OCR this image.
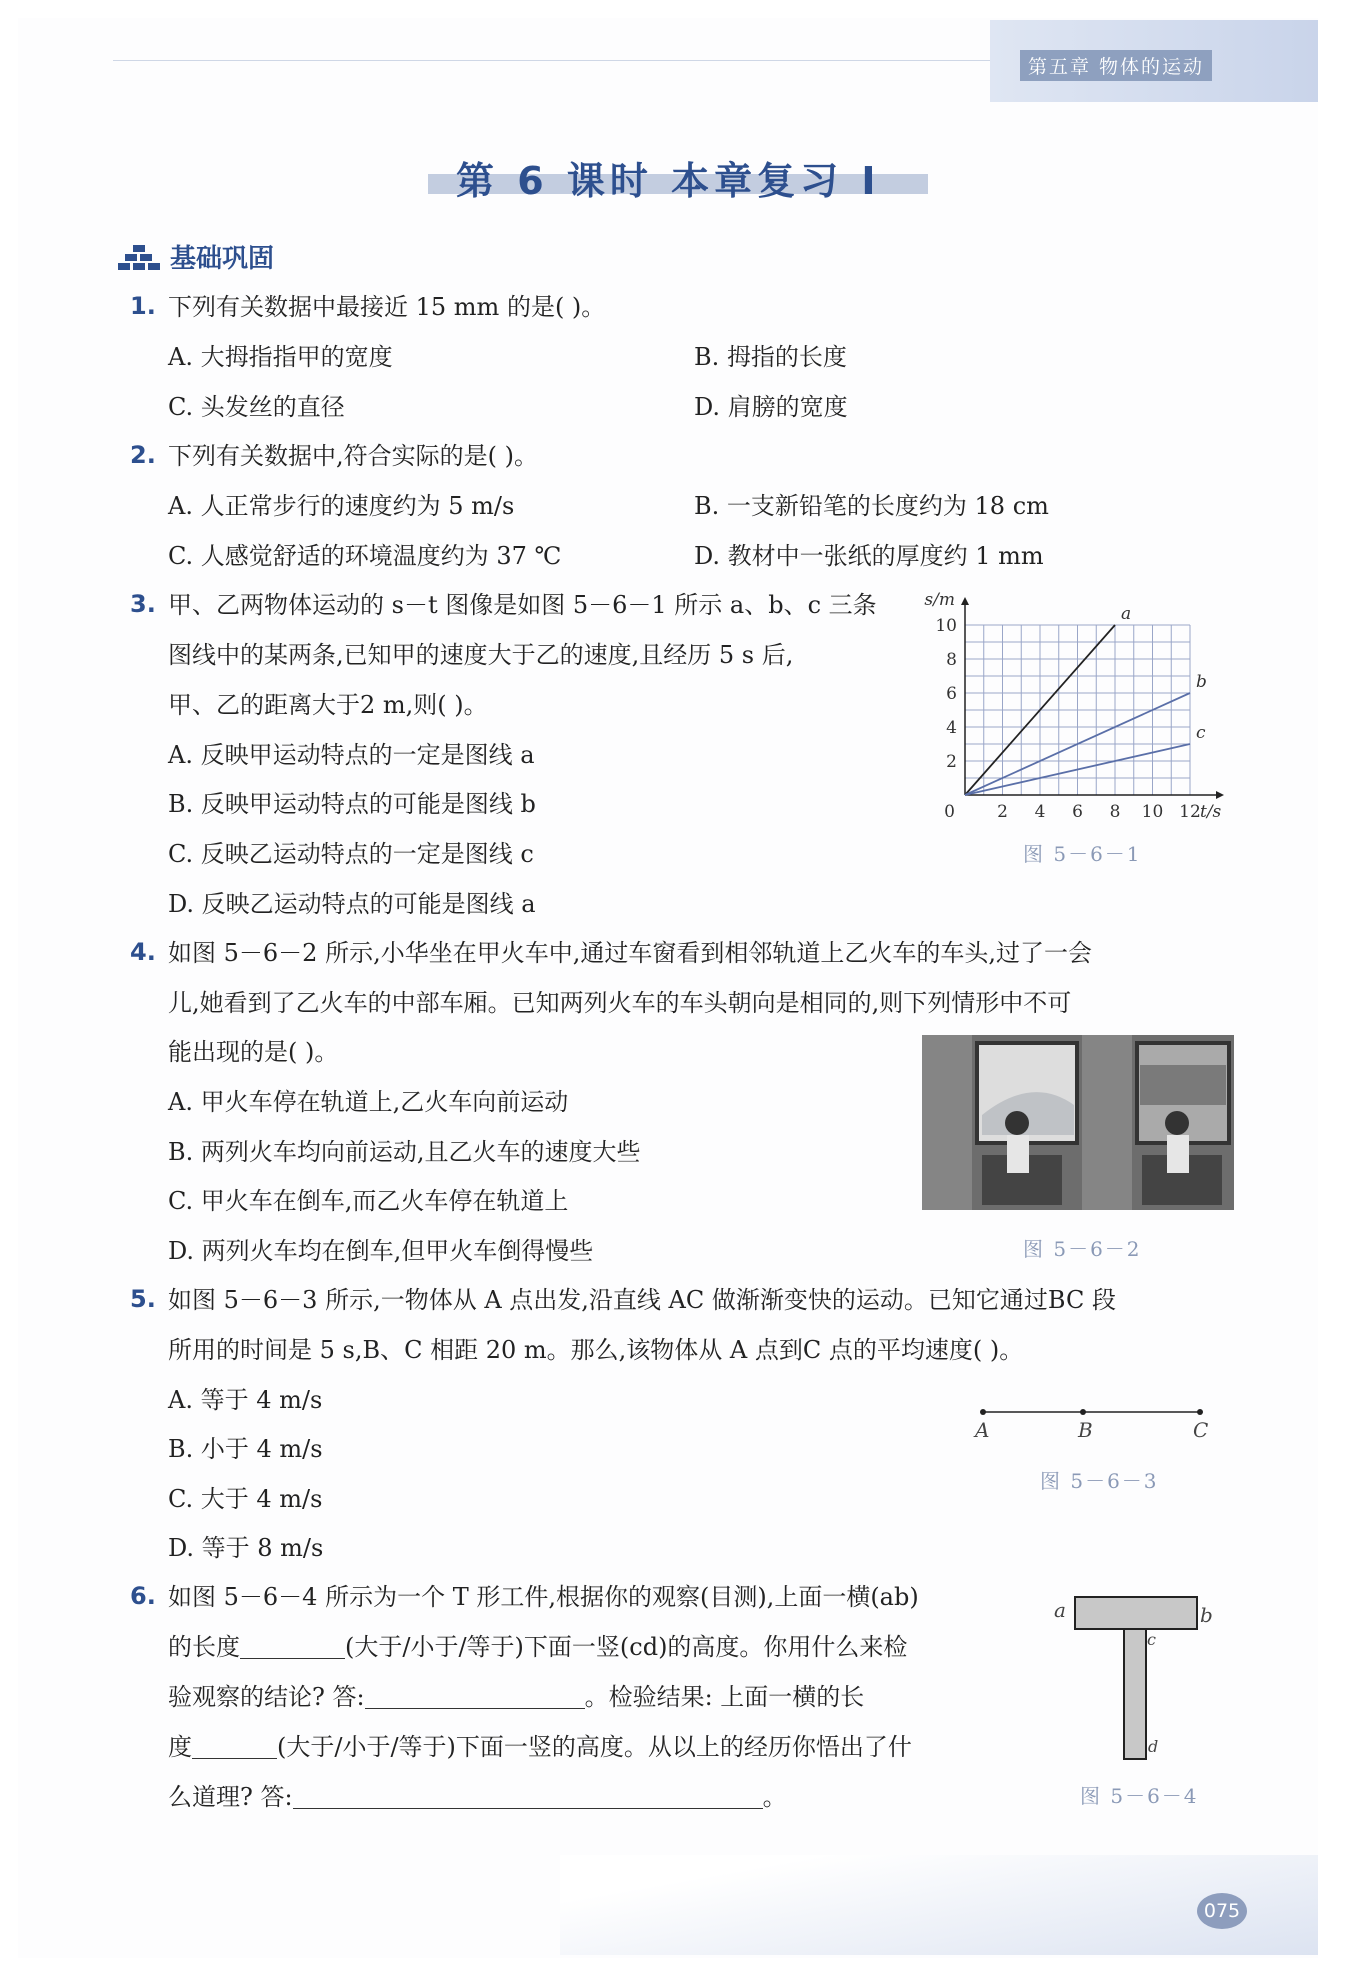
第五章 物体的运动
第 6 课时 本章复习 Ⅰ
基础巩固
1. 下列有关数据中最接近 15 mm 的是( )。
A. 大拇指指甲的宽度	B. 拇指的长度
C. 头发丝的直径	D. 肩膀的宽度
2. 下列有关数据中,符合实际的是( )。
A. 人正常步行的速度约为 5 m/s	B. 一支新铅笔的长度约为 18 cm
C. 人感觉舒适的环境温度约为 37 ℃	D. 教材中一张纸的厚度约 1 mm
3. 甲、乙两物体运动的 s－t 图像是如图 5－6－1 所示 a、b、c 三条
图线中的某两条,已知甲的速度大于乙的速度,且经历 5 s 后,
甲、乙的距离大于2 m,则( )。
A. 反映甲运动特点的一定是图线 a
B. 反映甲运动特点的可能是图线 b
C. 反映乙运动特点的一定是图线 c
D. 反映乙运动特点的可能是图线 a
a
b
c
2 4 6 8 10 12
2
4
6
8
10
0	t/s
s/m
图 5－6－1
4. 如图 5－6－2 所示,小华坐在甲火车中,通过车窗看到相邻轨道上乙火车的车头,过了一会
儿,她看到了乙火车的中部车厢。已知两列火车的车头朝向是相同的,则下列情形中不可
能出现的是( )。
A. 甲火车停在轨道上,乙火车向前运动
B. 两列火车均向前运动,且乙火车的速度大些
C. 甲火车在倒车,而乙火车停在轨道上
D. 两列火车均在倒车,但甲火车倒得慢些	图 5－6－2
5. 如图 5－6－3 所示,一物体从 A 点出发,沿直线 AC 做渐渐变快的运动。已知它通过BC 段
所用的时间是 5 s,B、C 相距 20 m。那么,该物体从 A 点到C 点的平均速度( )。
A. 等于 4 m/s
B. 小于 4 m/s
C. 大于 4 m/s
D. 等于 8 m/s
A	B	C
图 5－6－3
6. 如图 5－6－4 所示为一个 T 形工件,根据你的观察(目测),上面一横(ab)
的长度	(大于/小于/等于)下面一竖(cd)的高度。你用什么来检
验观察的结论? 答:	。检验结果: 上面一横的长
度	(大于/小于/等于)下面一竖的高度。从以上的经历你悟出了什
么道理? 答:	。
a	b
c
d
图 5－6－4
075
